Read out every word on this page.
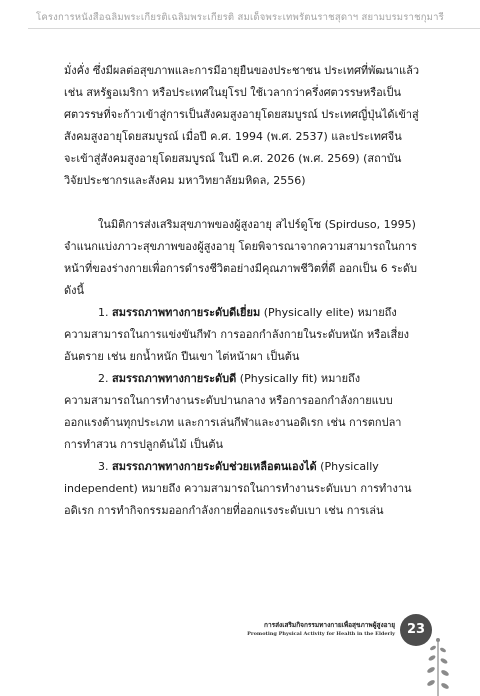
โครงการหนังสือฉลิมพระเกียรติเฉลิมพระเกียรติ สมเด็จพระเทพรัตนราชสุดาฯ สยามบรมราชกุมารี

มั่งคั่ง ซึ่งมีผลต่อสุขภาพและการมีอายุยืนของประชาชน ประเทศที่พัฒนาแล้ว
เช่น สหรัฐอเมริกา หรือประเทศในยุโรป ใช้เวลากว่าครึ่งศตวรรษหรือเป็น
ศตวรรษที่จะก้าวเข้าสู่การเป็นสังคมสูงอายุโดยสมบูรณ์ ประเทศญี่ปุ่นได้เข้าสู่
สังคมสูงอายุโดยสมบูรณ์ เมื่อปี ค.ศ. 1994 (พ.ศ. 2537) และประเทศจีน
จะเข้าสู่สังคมสูงอายุโดยสมบูรณ์ ในปี ค.ศ. 2026 (พ.ศ. 2569) (สถาบัน
วิจัยประชากรและสังคม มหาวิทยาลัยมหิดล, 2556)

ในมิติการส่งเสริมสุขภาพของผู้สูงอายุ สไปร์ดูโซ (Spirduso, 1995)
จำแนกแบ่งภาวะสุขภาพของผู้สูงอายุ โดยพิจารณาจากความสามารถในการ
หน้าที่ของร่างกายเพื่อการดำรงชีวิตอย่างมีคุณภาพชีวิตที่ดี ออกเป็น 6 ระดับ
ดังนี้

1. สมรรถภาพทางกายระดับดีเยี่ยม (Physically elite) หมายถึง
ความสามารถในการแข่งขันกีฬา การออกกำลังกายในระดับหนัก หรือเสี่ยง
อันตราย เช่น ยกน้ำหนัก ปีนเขา ไต่หน้าผา เป็นต้น
2. สมรรถภาพทางกายระดับดี (Physically fit) หมายถึง
ความสามารถในการทำงานระดับปานกลาง หรือการออกกำลังกายแบบ
ออกแรงต้านทุกประเภท และการเล่นกีฬาและงานอดิเรก เช่น การตกปลา
การทำสวน การปลูกต้นไม้ เป็นต้น
3. สมรรถภาพทางกายระดับช่วยเหลือตนเองได้ (Physically
independent) หมายถึง ความสามารถในการทำงานระดับเบา การทำงาน
อดิเรก การทำกิจกรรมออกกำลังกายที่ออกแรงระดับเบา เช่น การเล่น
การส่งเสริมกิจกรรมทางกายเพื่อสุขภาพผู้สูงอายุ
Promoting Physical Activity for Health in the Elderly 23
